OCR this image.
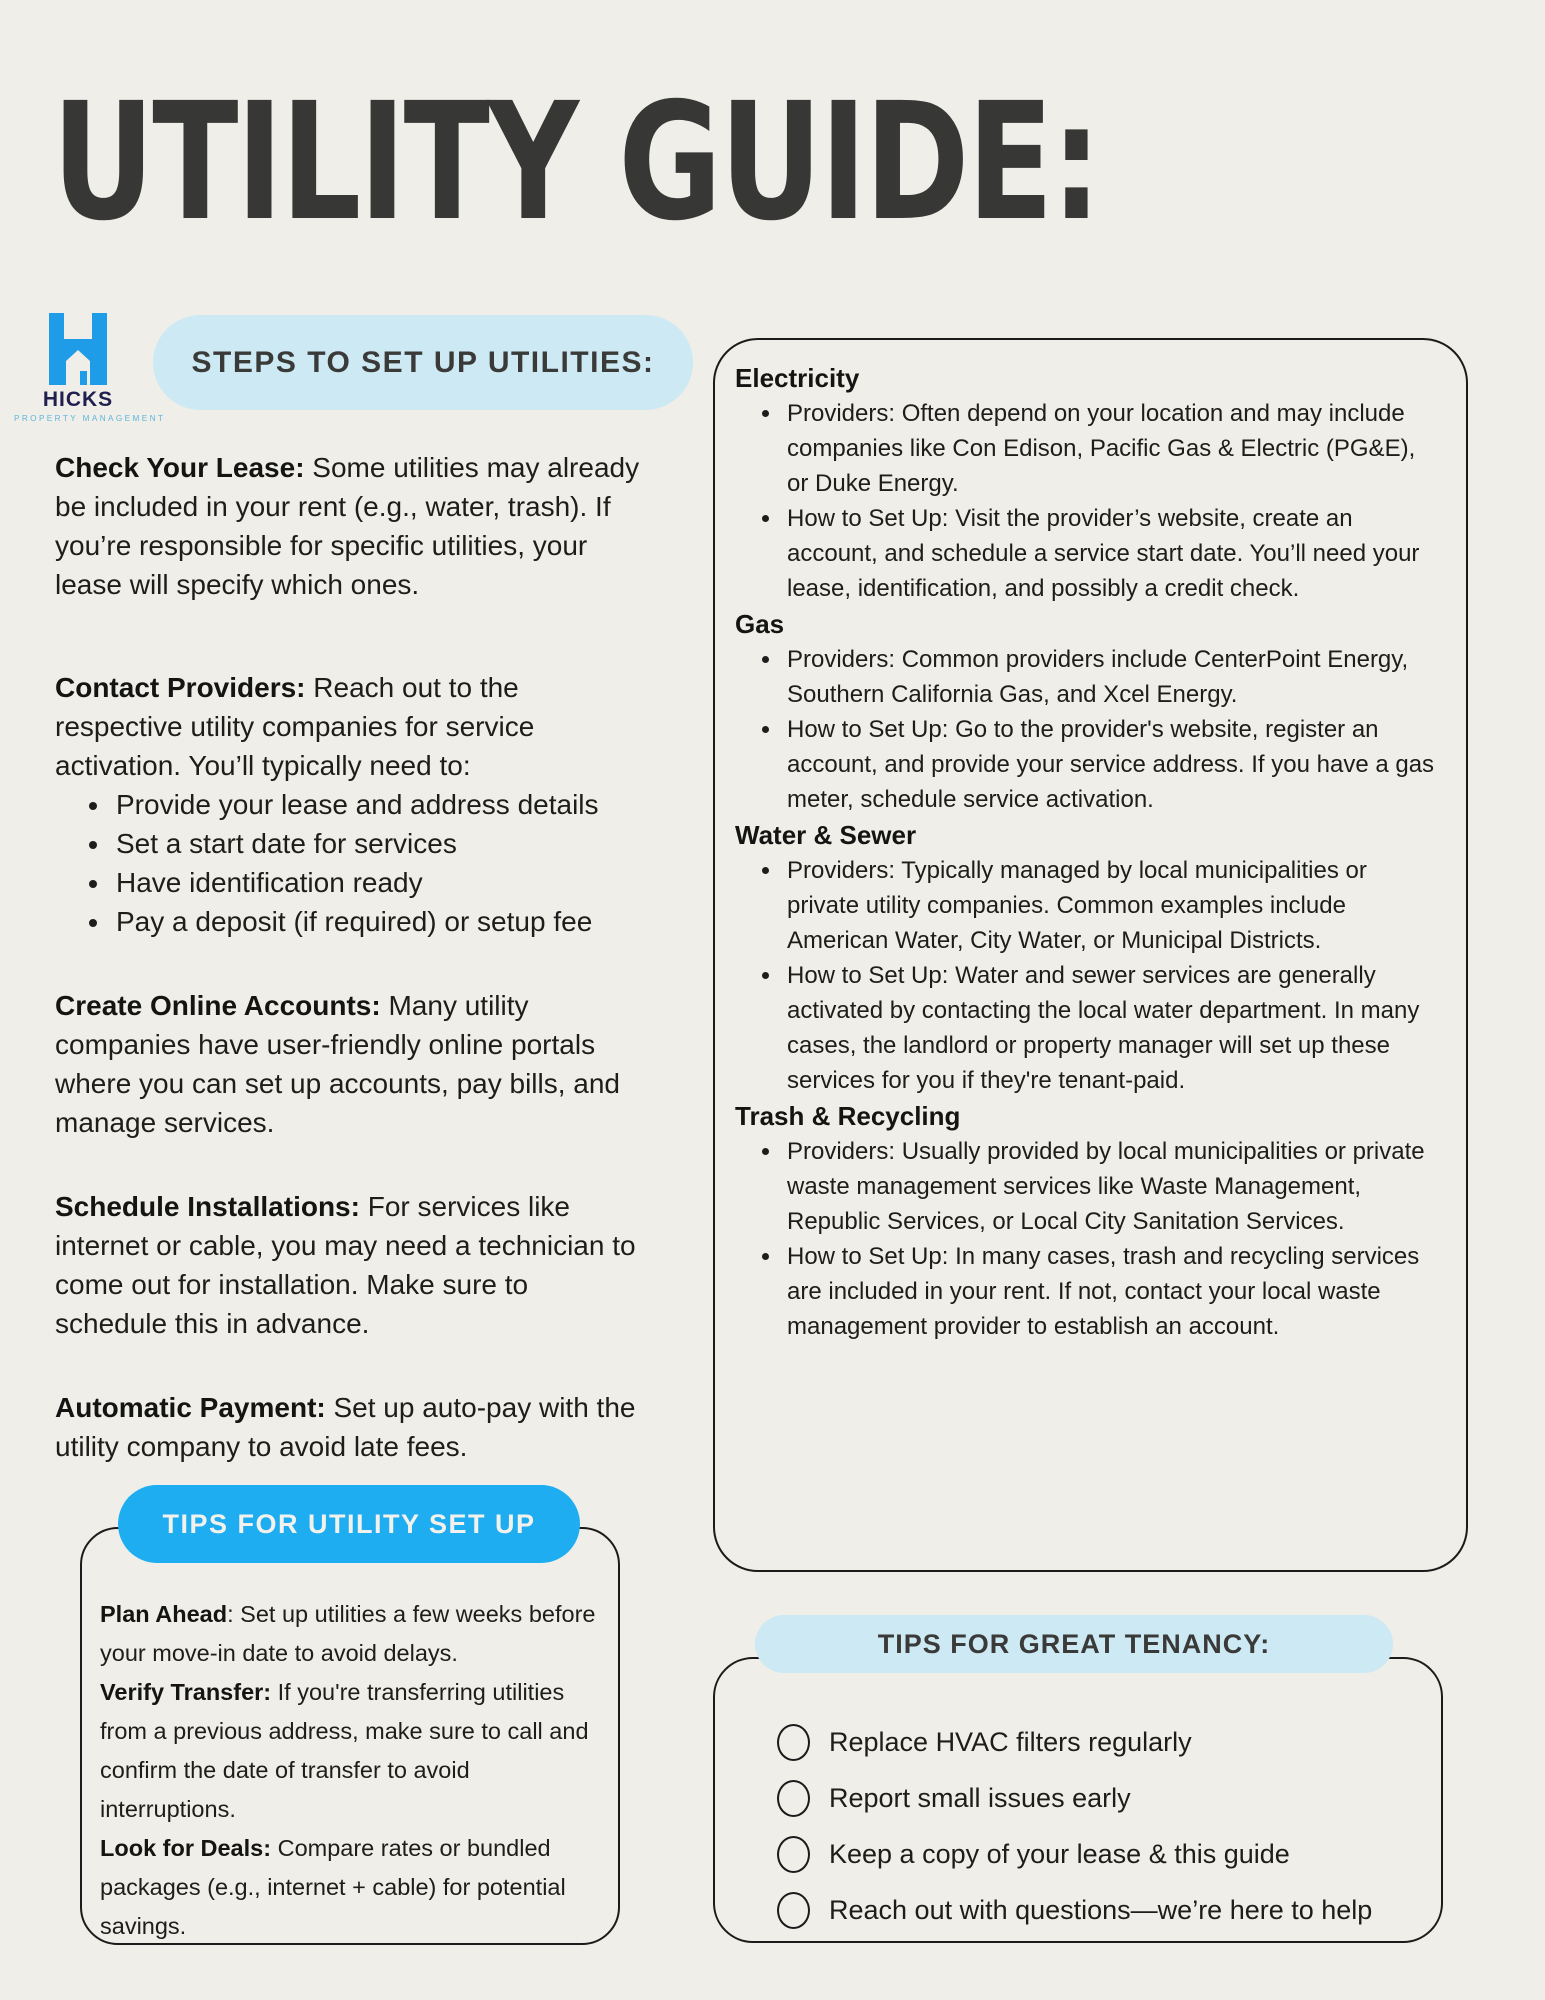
UTILITY GUIDE:
HICKS
PROPERTY MANAGEMENT
STEPS TO SET UP UTILITIES:

Check Your Lease: Some utilities may already be included in your rent (e.g., water, trash). If you’re responsible for specific utilities, your lease will specify which ones.

Contact Providers: Reach out to the respective utility companies for service activation. You’ll typically need to:

• Provide your lease and address details
• Set a start date for services
• Have identification ready
• Pay a deposit (if required) or setup fee

Create Online Accounts: Many utility companies have user-friendly online portals where you can set up accounts, pay bills, and manage services.

Schedule Installations: For services like internet or cable, you may need a technician to come out for installation. Make sure to schedule this in advance.

Automatic Payment: Set up auto-pay with the utility company to avoid late fees.

TIPS FOR UTILITY SET UP

Plan Ahead: Set up utilities a few weeks before your move-in date to avoid delays.

Verify Transfer: If you're transferring utilities from a previous address, make sure to call and confirm the date of transfer to avoid interruptions.

Look for Deals: Compare rates or bundled packages (e.g., internet + cable) for potential savings.

Electricity
• Providers: Often depend on your location and may include companies like Con Edison, Pacific Gas & Electric (PG&E), or Duke Energy.
• How to Set Up: Visit the provider’s website, create an account, and schedule a service start date. You’ll need your lease, identification, and possibly a credit check.
Gas
• Providers: Common providers include CenterPoint Energy, Southern California Gas, and Xcel Energy.
• How to Set Up: Go to the provider's website, register an account, and provide your service address. If you have a gas meter, schedule service activation.
Water & Sewer
• Providers: Typically managed by local municipalities or private utility companies. Common examples include American Water, City Water, or Municipal Districts.
• How to Set Up: Water and sewer services are generally activated by contacting the local water department. In many cases, the landlord or property manager will set up these services for you if they're tenant-paid.
Trash & Recycling
• Providers: Usually provided by local municipalities or private waste management services like Waste Management, Republic Services, or Local City Sanitation Services.
• How to Set Up: In many cases, trash and recycling services are included in your rent. If not, contact your local waste management provider to establish an account.
TIPS FOR GREAT TENANCY:
Replace HVAC filters regularly
Report small issues early
Keep a copy of your lease & this guide
Reach out with questions—we’re here to help
